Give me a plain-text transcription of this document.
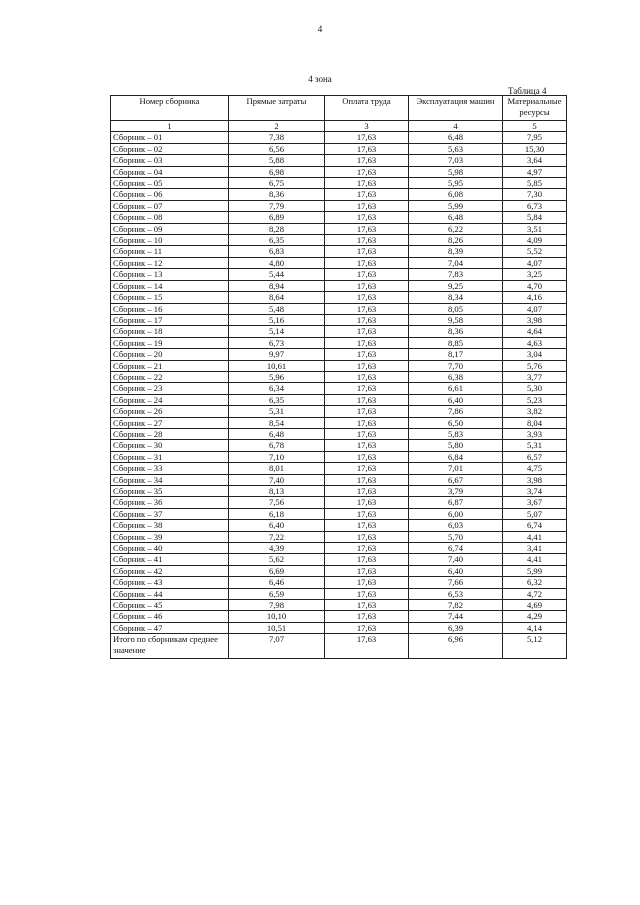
4
4 зона
Таблица 4
Номер сборника	Прямые затраты	Оплата труда	Эксплуатация машин	Материальные ресурсы
1	2	3	4	5
Сборник – 01	7,38	17,63	6,48	7,95
Сборник – 02	6,56	17,63	5,63	15,30
Сборник – 03	5,88	17,63	7,03	3,64
Сборник – 04	6,98	17,63	5,98	4,97
Сборник – 05	6,75	17,63	5,95	5,85
Сборник – 06	8,36	17,63	6,08	7,30
Сборник – 07	7,79	17,63	5,99	6,73
Сборник – 08	6,89	17,63	6,48	5,84
Сборник – 09	8,28	17,63	6,22	3,51
Сборник – 10	6,35	17,63	8,26	4,09
Сборник – 11	6,83	17,63	8,39	5,52
Сборник – 12	4,80	17,63	7,04	4,07
Сборник – 13	5,44	17,63	7,83	3,25
Сборник – 14	8,94	17,63	9,25	4,70
Сборник – 15	8,64	17,63	8,34	4,16
Сборник – 16	5,48	17,63	8,05	4,07
Сборник – 17	5,16	17,63	9,58	3,98
Сборник – 18	5,14	17,63	8,36	4,64
Сборник – 19	6,73	17,63	8,85	4,63
Сборник – 20	9,97	17,63	8,17	3,04
Сборник – 21	10,61	17,63	7,70	5,76
Сборник – 22	5,96	17,63	6,38	3,77
Сборник – 23	6,34	17,63	6,61	5,30
Сборник – 24	6,35	17,63	6,40	5,23
Сборник – 26	5,31	17,63	7,86	3,82
Сборник – 27	8,54	17,63	6,50	8,04
Сборник – 28	6,48	17,63	5,83	3,93
Сборник – 30	6,78	17,63	5,80	5,31
Сборник – 31	7,10	17,63	6,84	6,57
Сборник – 33	8,01	17,63	7,01	4,75
Сборник – 34	7,40	17,63	6,67	3,98
Сборник – 35	8,13	17,63	3,79	3,74
Сборник – 36	7,56	17,63	6,87	3,67
Сборник – 37	6,18	17,63	6,00	5,07
Сборник – 38	6,40	17,63	6,03	6,74
Сборник – 39	7,22	17,63	5,70	4,41
Сборник – 40	4,39	17,63	6,74	3,41
Сборник – 41	5,62	17,63	7,40	4,41
Сборник – 42	6,69	17,63	6,40	5,99
Сборник – 43	6,46	17,63	7,66	6,32
Сборник – 44	6,59	17,63	6,53	4,72
Сборник – 45	7,98	17,63	7,82	4,69
Сборник – 46	10,10	17,63	7,44	4,29
Сборник – 47	10,51	17,63	6,39	4,14
Итого по сборникам среднее значение	7,07	17,63	6,96	5,12
